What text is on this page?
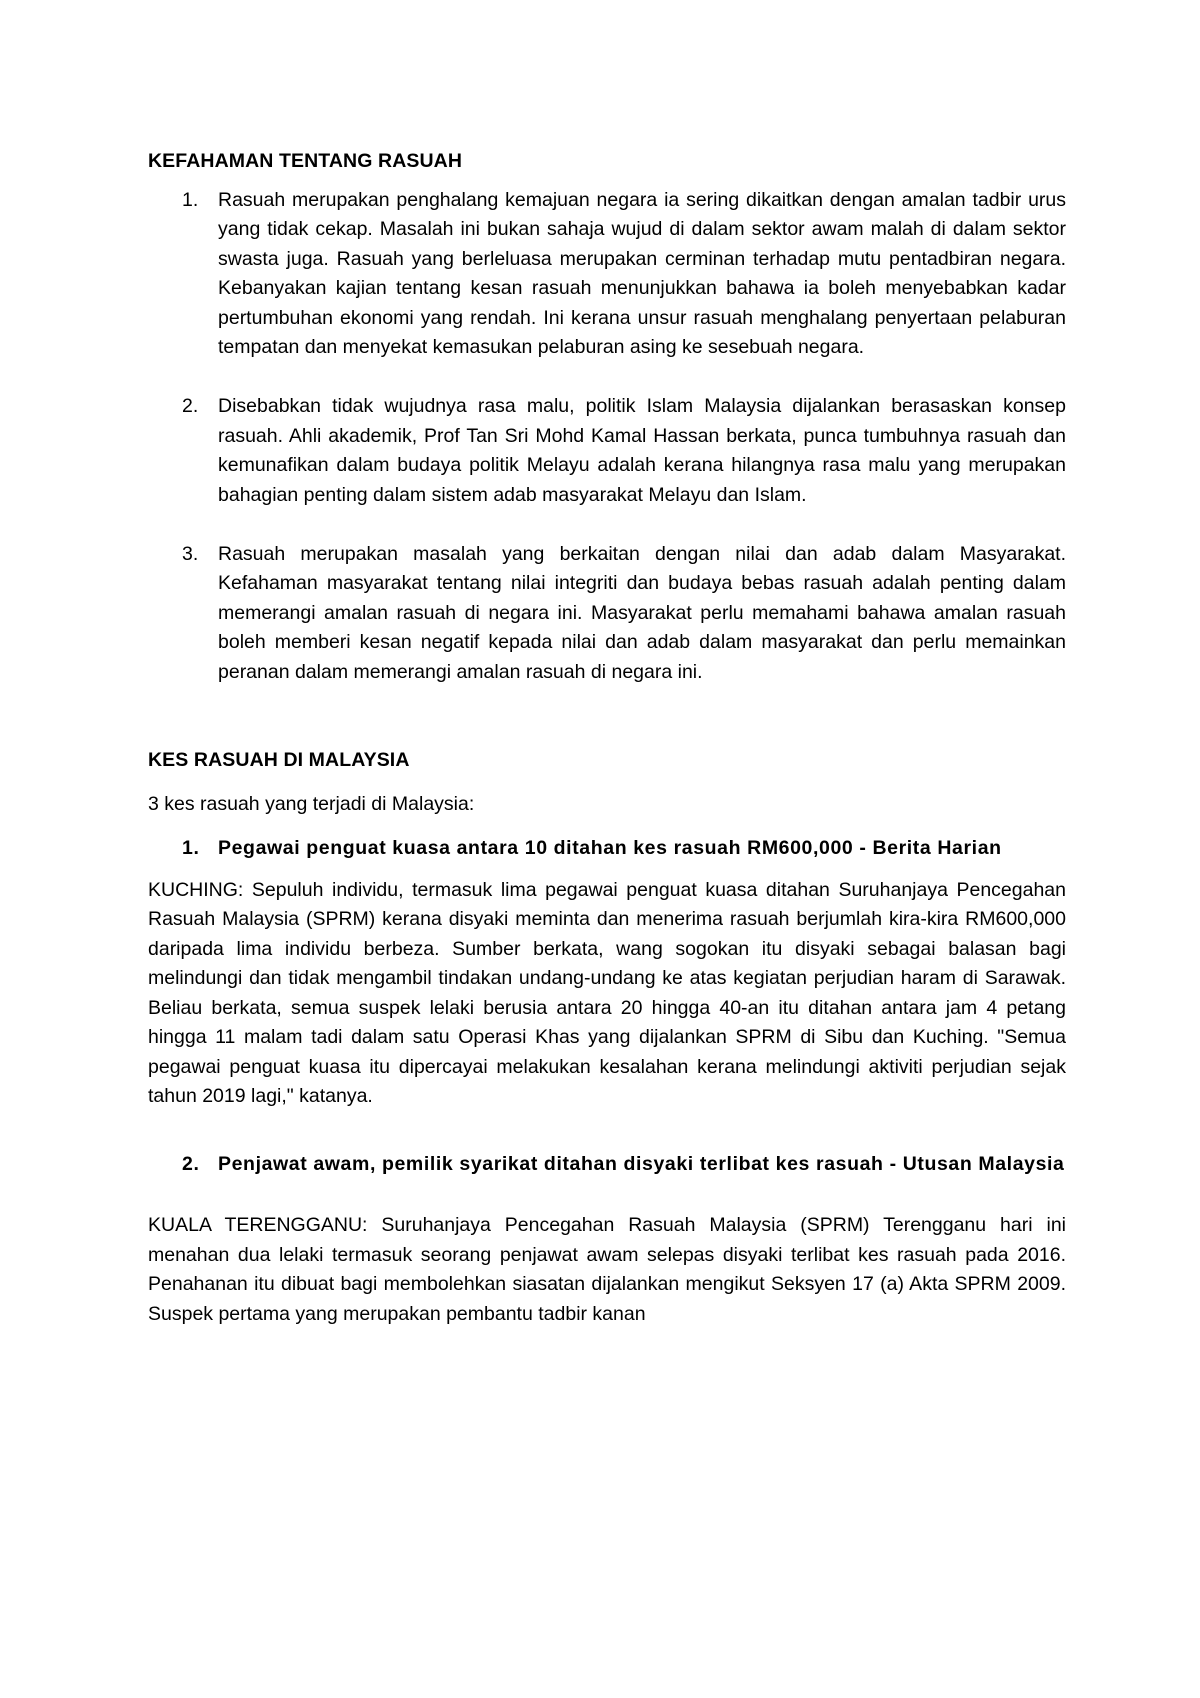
KEFAHAMAN TENTANG RASUAH
1. Rasuah merupakan penghalang kemajuan negara ia sering dikaitkan dengan amalan tadbir urus yang tidak cekap. Masalah ini bukan sahaja wujud di dalam sektor awam malah di dalam sektor swasta juga. Rasuah yang berleluasa merupakan cerminan terhadap mutu pentadbiran negara. Kebanyakan kajian tentang kesan rasuah menunjukkan bahawa ia boleh menyebabkan kadar pertumbuhan ekonomi yang rendah. Ini kerana unsur rasuah menghalang penyertaan pelaburan tempatan dan menyekat kemasukan pelaburan asing ke sesebuah negara.
2. Disebabkan tidak wujudnya rasa malu, politik Islam Malaysia dijalankan berasaskan konsep rasuah. Ahli akademik, Prof Tan Sri Mohd Kamal Hassan berkata, punca tumbuhnya rasuah dan kemunafikan dalam budaya politik Melayu adalah kerana hilangnya rasa malu yang merupakan bahagian penting dalam sistem adab masyarakat Melayu dan Islam.
3. Rasuah merupakan masalah yang berkaitan dengan nilai dan adab dalam Masyarakat. Kefahaman masyarakat tentang nilai integriti dan budaya bebas rasuah adalah penting dalam memerangi amalan rasuah di negara ini. Masyarakat perlu memahami bahawa amalan rasuah boleh memberi kesan negatif kepada nilai dan adab dalam masyarakat dan perlu memainkan peranan dalam memerangi amalan rasuah di negara ini.
KES RASUAH DI MALAYSIA

3 kes rasuah yang terjadi di Malaysia:

1. Pegawai penguat kuasa antara 10 ditahan kes rasuah RM600,000 - Berita Harian

KUCHING: Sepuluh individu, termasuk lima pegawai penguat kuasa ditahan Suruhanjaya Pencegahan Rasuah Malaysia (SPRM) kerana disyaki meminta dan menerima rasuah berjumlah kira-kira RM600,000 daripada lima individu berbeza. Sumber berkata, wang sogokan itu disyaki sebagai balasan bagi melindungi dan tidak mengambil tindakan undang-undang ke atas kegiatan perjudian haram di Sarawak. Beliau berkata, semua suspek lelaki berusia antara 20 hingga 40-an itu ditahan antara jam 4 petang hingga 11 malam tadi dalam satu Operasi Khas yang dijalankan SPRM di Sibu dan Kuching. "Semua pegawai penguat kuasa itu dipercayai melakukan kesalahan kerana melindungi aktiviti perjudian sejak tahun 2019 lagi," katanya.

2. Penjawat awam, pemilik syarikat ditahan disyaki terlibat kes rasuah - Utusan Malaysia

KUALA TERENGGANU: Suruhanjaya Pencegahan Rasuah Malaysia (SPRM) Terengganu hari ini menahan dua lelaki termasuk seorang penjawat awam selepas disyaki terlibat kes rasuah pada 2016. Penahanan itu dibuat bagi membolehkan siasatan dijalankan mengikut Seksyen 17 (a) Akta SPRM 2009. Suspek pertama yang merupakan pembantu tadbir kanan
